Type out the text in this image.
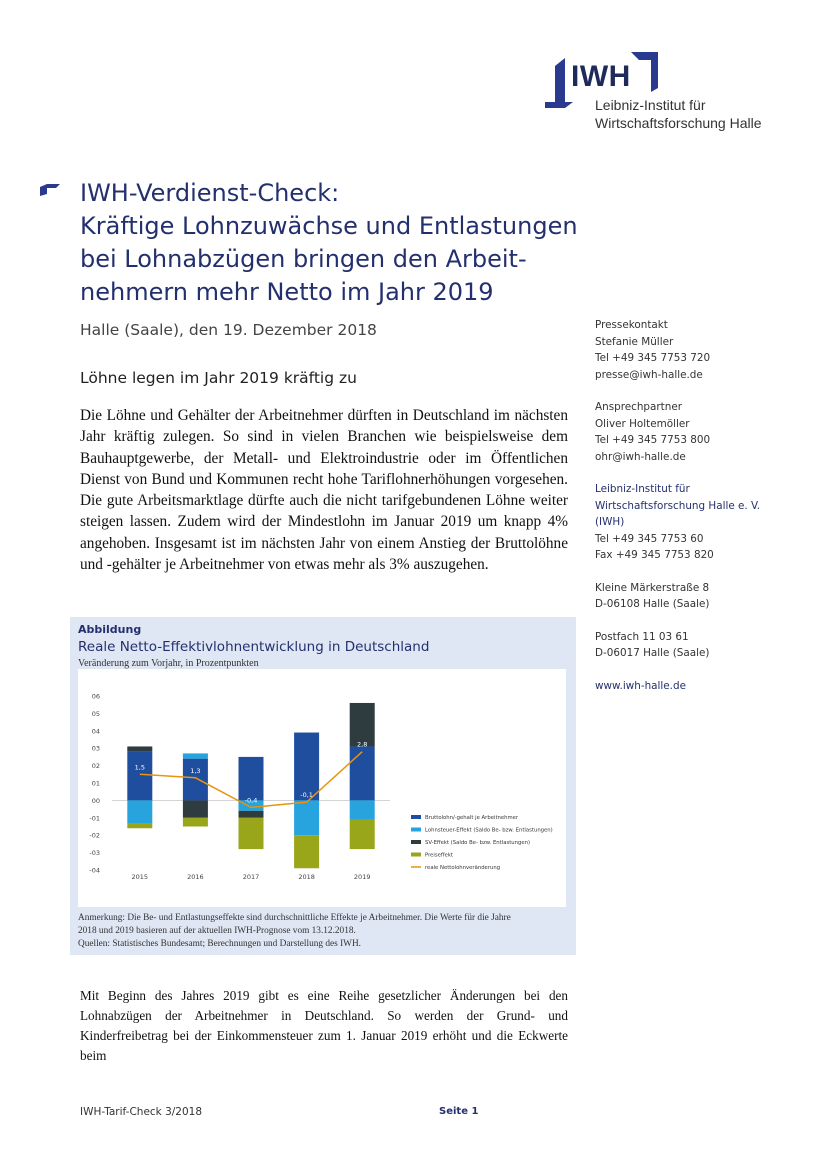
IWH
Leibniz-Institut für
Wirtschaftsforschung Halle
IWH-Verdienst-Check:
Kräftige Lohnzuwächse und Entlastungen
bei Lohnabzügen bringen den Arbeit-
nehmern mehr Netto im Jahr 2019
Halle (Saale), den 19. Dezember 2018
Löhne legen im Jahr 2019 kräftig zu
Die Löhne und Gehälter der Arbeitnehmer dürften in Deutschland im nächsten Jahr kräftig zulegen. So sind in vielen Branchen wie beispielsweise dem Bauhauptgewerbe, der Metall- und Elektroindustrie oder im Öffentlichen Dienst von Bund und Kommunen recht hohe Tariflohnerhöhungen vorgesehen. Die gute Arbeitsmarktlage dürfte auch die nicht tarifgebundenen Löhne weiter steigen lassen. Zudem wird der Mindestlohn im Januar 2019 um knapp 4% angehoben. Insgesamt ist im nächsten Jahr von einem Anstieg der Bruttolöhne und -gehälter je Arbeitnehmer von etwas mehr als 3% auszugehen.
Pressekontakt
Stefanie Müller
Tel +49 345 7753 720
presse@iwh-halle.de
Ansprechpartner
Oliver Holtemöller
Tel +49 345 7753 800
ohr@iwh-halle.de
Leibniz-Institut für
Wirtschaftsforschung Halle e. V.
(IWH)
Tel +49 345 7753 60
Fax +49 345 7753 820
Kleine Märkerstraße 8
D-06108 Halle (Saale)
Postfach 11 03 61
D-06017 Halle (Saale)
www.iwh-halle.de
Abbildung
Reale Netto-Effektivlohnentwicklung in Deutschland
Veränderung zum Vorjahr, in Prozentpunkten
06
05
04
03
02
01
00
-01
-02
-03
-04
2015	2016	2017	2018	2019
1,5	1,3
-0,4
-0,1
2,8
Bruttolohn/-gehalt je Arbeitnehmer
Lohnsteuer-Effekt (Saldo Be- bzw. Entlastungen)
SV-Effekt (Saldo Be- bzw. Entlastungen)
Preiseffekt
reale Nettolohnveränderung
Anmerkung: Die Be- und Entlastungseffekte sind durchschnittliche Effekte je Arbeitnehmer. Die Werte für die Jahre
2018 und 2019 basieren auf der aktuellen IWH-Prognose vom 13.12.2018.
Quellen: Statistisches Bundesamt; Berechnungen und Darstellung des IWH.
Mit Beginn des Jahres 2019 gibt es eine Reihe gesetzlicher Änderungen bei den Lohnabzügen der Arbeitnehmer in Deutschland. So werden der Grund- und Kinderfreibetrag bei der Einkommensteuer zum 1. Januar 2019 erhöht und die Eckwerte beim
IWH-Tarif-Check 3/2018	Seite 1
